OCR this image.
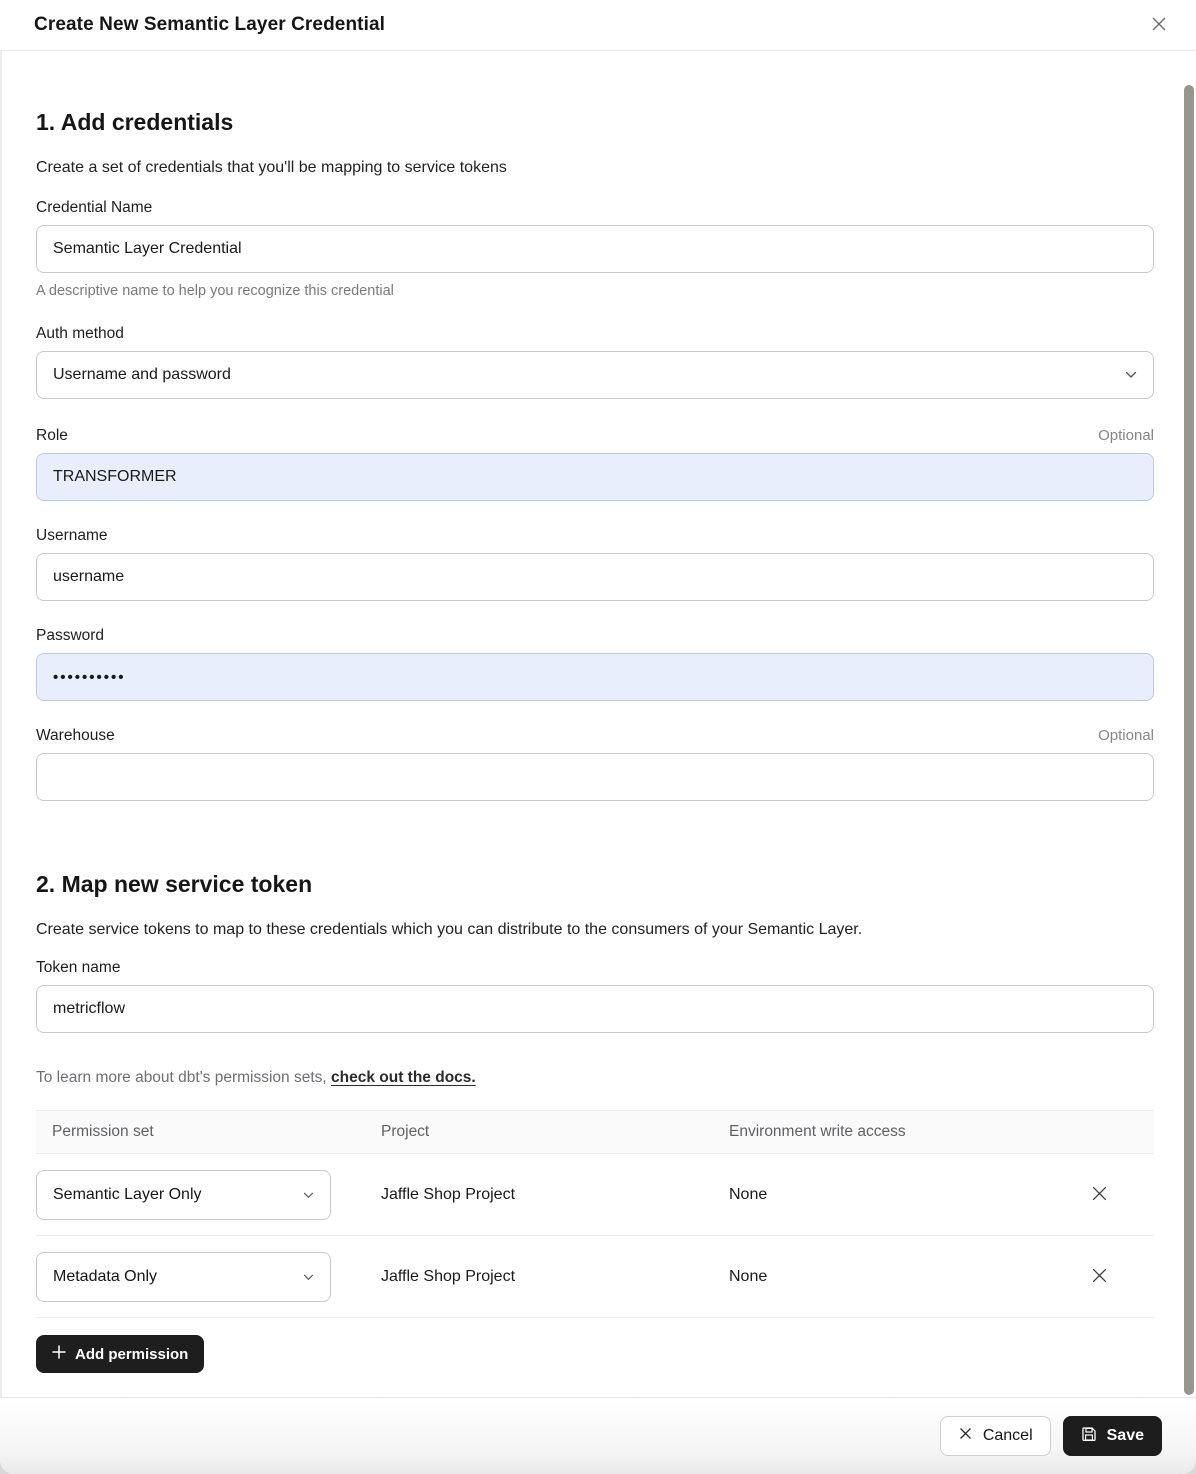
Create New Semantic Layer Credential
1. Add credentials
Create a set of credentials that you'll be mapping to service tokens
Credential Name
Semantic Layer Credential
A descriptive name to help you recognize this credential
Auth method
Username and password
Role	Optional
TRANSFORMER
Username
username
Password
••••••••••
Warehouse	Optional
2. Map new service token
Create service tokens to map to these credentials which you can distribute to the consumers of your Semantic Layer.
Token name
metricflow
To learn more about dbt's permission sets, check out the docs.
Permission set	Project	Environment write access
Semantic Layer Only	Jaffle Shop Project	None
Metadata Only	Jaffle Shop Project	None
Add permission
Cancel	Save
